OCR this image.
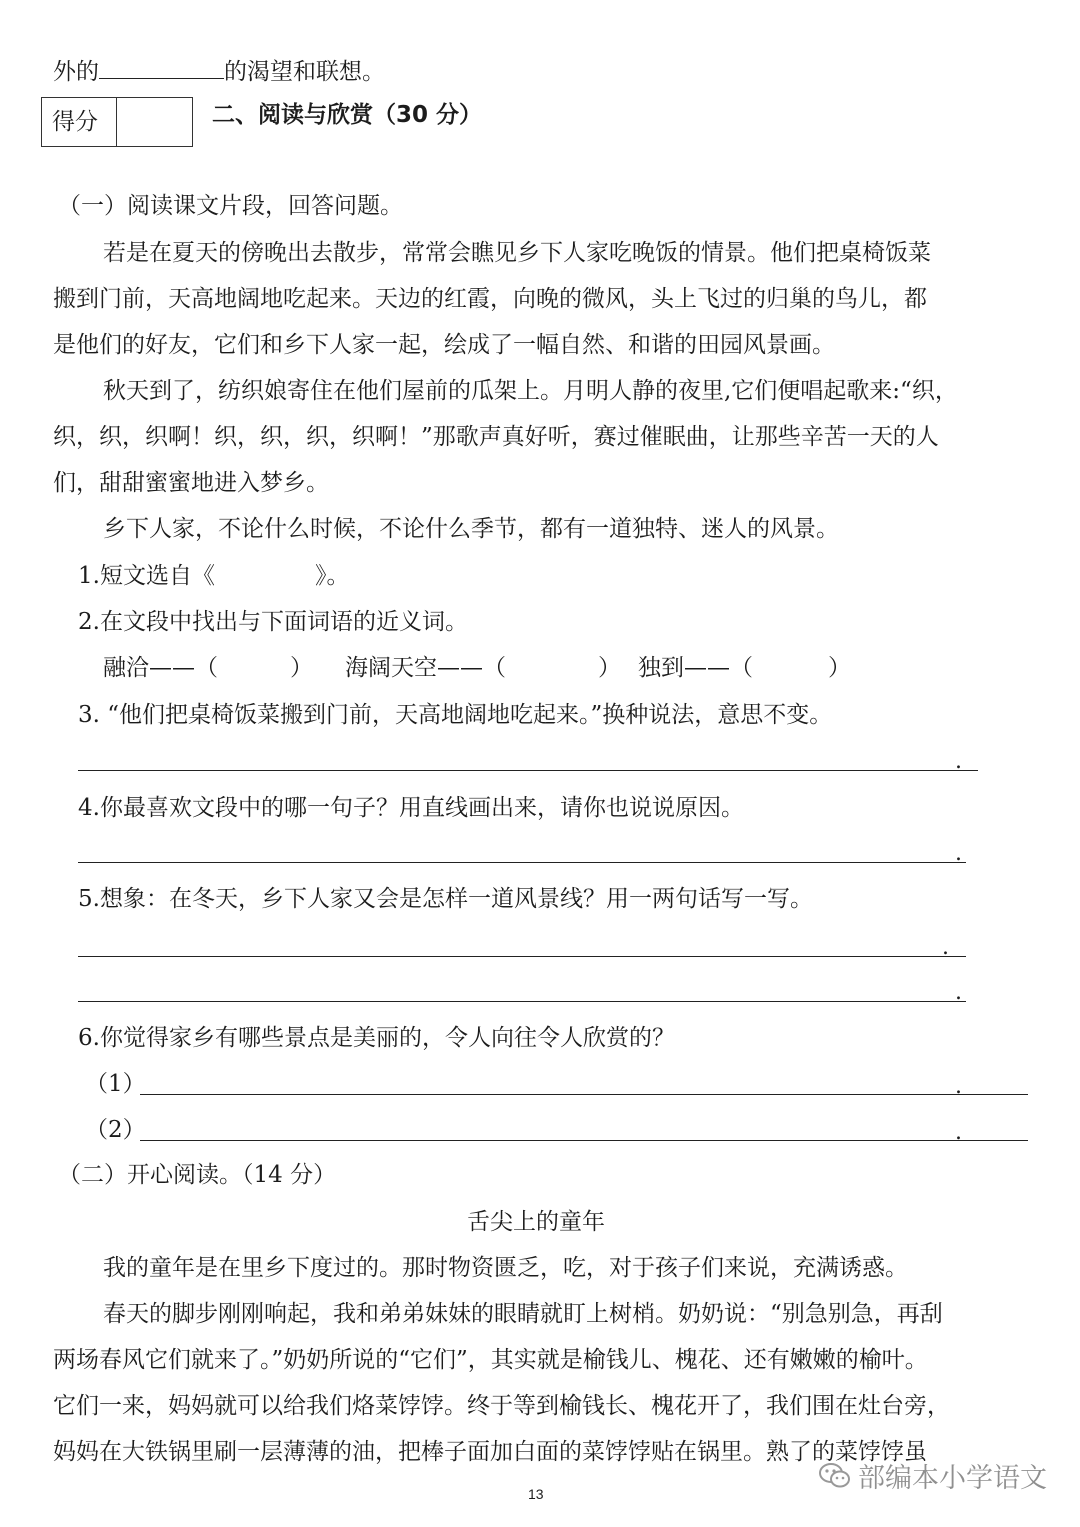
外的	的渴望和联想。
得分	二、阅读与欣赏（30 分）
（一）阅读课文片段，回答问题。
若是在夏天的傍晚出去散步，常常会瞧见乡下人家吃晚饭的情景。他们把桌椅饭菜
搬到门前，天高地阔地吃起来。天边的红霞，向晚的微风，头上飞过的归巢的鸟儿，都
是他们的好友，它们和乡下人家一起，绘成了一幅自然、和谐的田园风景画。
秋天到了，纺织娘寄住在他们屋前的瓜架上。月明人静的夜里,它们便唱起歌来:“织，
织，织，织啊！织，织，织，织啊！”那歌声真好听，赛过催眠曲，让那些辛苦一天的人
们，甜甜蜜蜜地进入梦乡。
乡下人家，不论什么时候，不论什么季节，都有一道独特、迷人的风景。
1.短文选自《	》。
2.在文段中找出与下面词语的近义词。
融洽——（	） 海阔天空——（	） 独到——（	）
3. “他们把桌椅饭菜搬到门前，天高地阔地吃起来。”换种说法，意思不变。
.
4.你最喜欢文段中的哪一句子？用直线画出来，请你也说说原因。
.
5.想象：在冬天，乡下人家又会是怎样一道风景线？用一两句话写一写。
.
.
6.你觉得家乡有哪些景点是美丽的，令人向往令人欣赏的？
（1）	.
（2）	.
（二）开心阅读。（14 分）
舌尖上的童年
我的童年是在里乡下度过的。那时物资匮乏，吃，对于孩子们来说，充满诱惑。
春天的脚步刚刚响起，我和弟弟妹妹的眼睛就盯上树梢。奶奶说：“别急别急，再刮
两场春风它们就来了。”奶奶所说的“它们”，其实就是榆钱儿、槐花、还有嫩嫩的榆叶。
它们一来，妈妈就可以给我们烙菜饽饽。终于等到榆钱长、槐花开了，我们围在灶台旁，
妈妈在大铁锅里刷一层薄薄的油，把棒子面加白面的菜饽饽贴在锅里。熟了的菜饽饽虽
部编本小学语文
13
